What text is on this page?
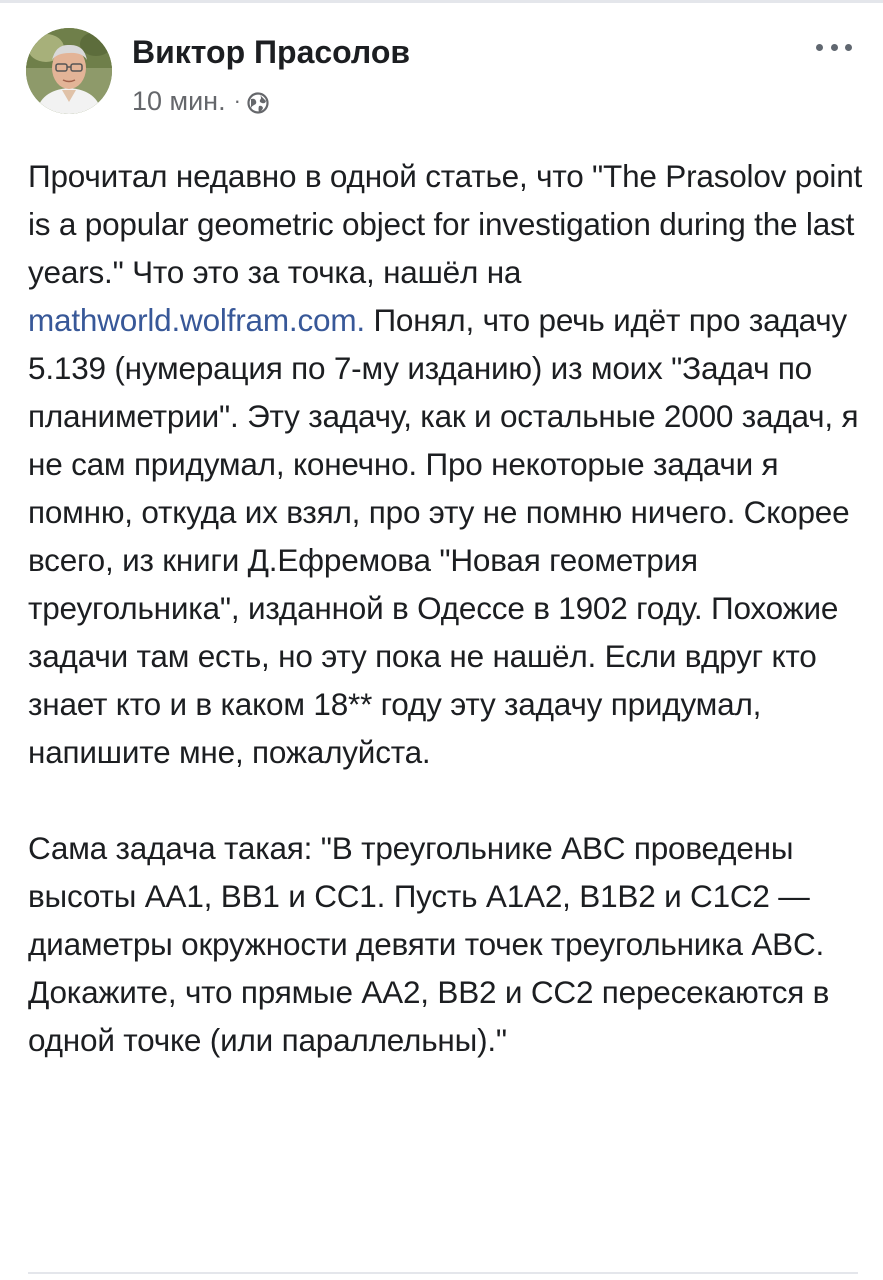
Виктор Прасолов
10 мин. ·

Прочитал недавно в одной статье, что "The Prasolov point is a popular geometric object for investigation during the last years." Что это за точка, нашёл на mathworld.wolfram.com. Понял, что речь идёт про задачу 5.139 (нумерация по 7-му изданию) из моих "Задач по планиметрии". Эту задачу, как и остальные 2000 задач, я не сам придумал, конечно. Про некоторые задачи я помню, откуда их взял, про эту не помню ничего. Скорее всего, из книги Д.Ефремова "Новая геометрия треугольника", изданной в Одессе в 1902 году. Похожие задачи там есть, но эту пока не нашёл. Если вдруг кто знает кто и в каком 18** году эту задачу придумал, напишите мне, пожалуйста.

Сама задача такая: "В треугольнике ABC проведены высоты AA1, BB1 и CC1. Пусть A1A2, B1B2 и C1C2 —диаметры окружности девяти точек треугольника ABC. Докажите, что прямые AA2, BB2 и CC2 пересекаются в одной точке (или параллельны)."
